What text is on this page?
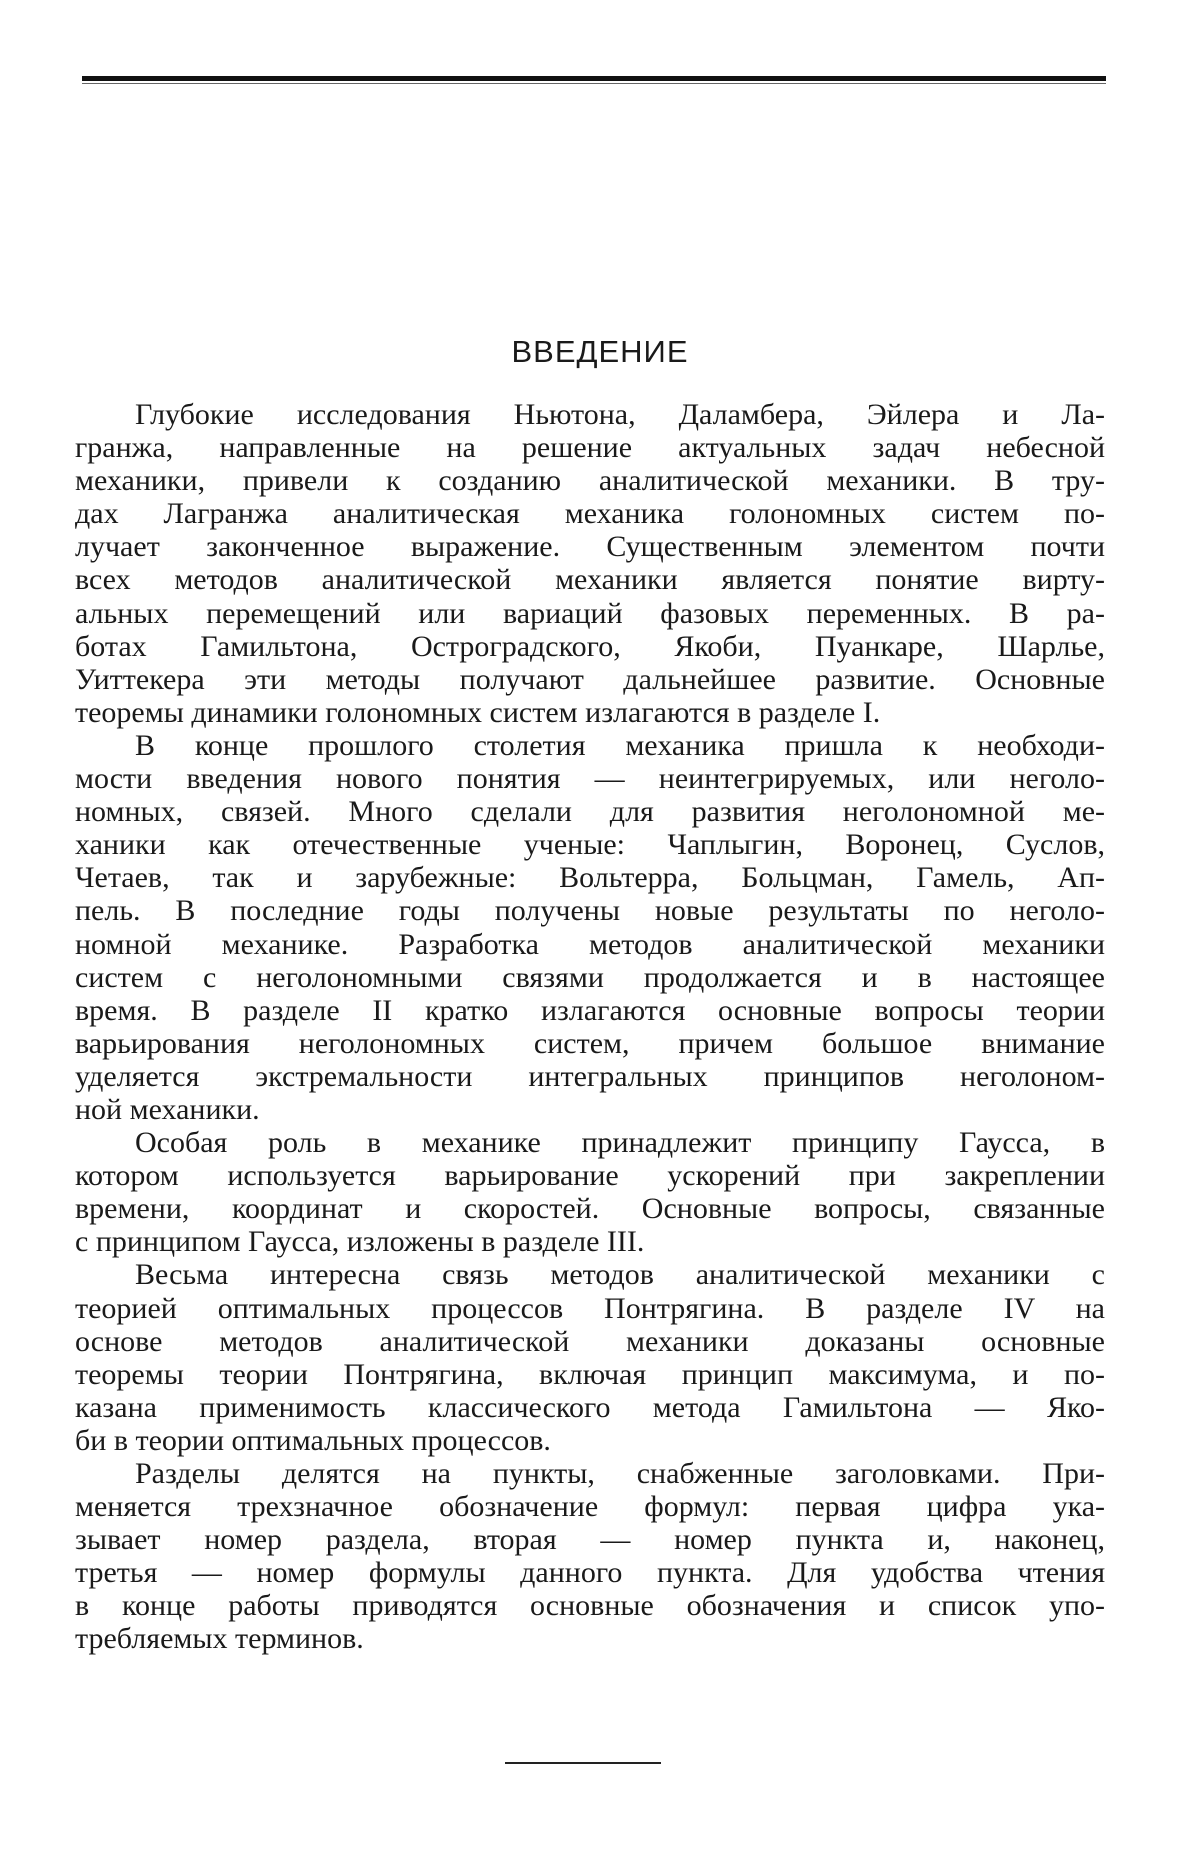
ВВЕДЕНИЕ
Глубокие исследования Ньютона, Даламбера, Эйлера и Ла-
гранжа, направленные на решение актуальных задач небесной
механики, привели к созданию аналитической механики. В тру-
дах Лагранжа аналитическая механика голономных систем по-
лучает законченное выражение. Существенным элементом почти
всех методов аналитической механики является понятие вирту-
альных перемещений или вариаций фазовых переменных. В ра-
ботах Гамильтона, Остроградского, Якоби, Пуанкаре, Шарлье,
Уиттекера эти методы получают дальнейшее развитие. Основные
теоремы динамики голономных систем излагаются в разделе I.
В конце прошлого столетия механика пришла к необходи-
мости введения нового понятия — неинтегрируемых, или неголо-
номных, связей. Много сделали для развития неголономной ме-
ханики как отечественные ученые: Чаплыгин, Воронец, Суслов,
Четаев, так и зарубежные: Вольтерра, Больцман, Гамель, Ап-
пель. В последние годы получены новые результаты по неголо-
номной механике. Разработка методов аналитической механики
систем с неголономными связями продолжается и в настоящее
время. В разделе II кратко излагаются основные вопросы теории
варьирования неголономных систем, причем большое внимание
уделяется экстремальности интегральных принципов неголоном-
ной механики.
Особая роль в механике принадлежит принципу Гаусса, в
котором используется варьирование ускорений при закреплении
времени, координат и скоростей. Основные вопросы, связанные
с принципом Гаусса, изложены в разделе III.
Весьма интересна связь методов аналитической механики с
теорией оптимальных процессов Понтрягина. В разделе IV на
основе методов аналитической механики доказаны основные
теоремы теории Понтрягина, включая принцип максимума, и по-
казана применимость классического метода Гамильтона — Яко-
би в теории оптимальных процессов.
Разделы делятся на пункты, снабженные заголовками. При-
меняется трехзначное обозначение формул: первая цифра ука-
зывает номер раздела, вторая — номер пункта и, наконец,
третья — номер формулы данного пункта. Для удобства чтения
в конце работы приводятся основные обозначения и список упо-
требляемых терминов.
